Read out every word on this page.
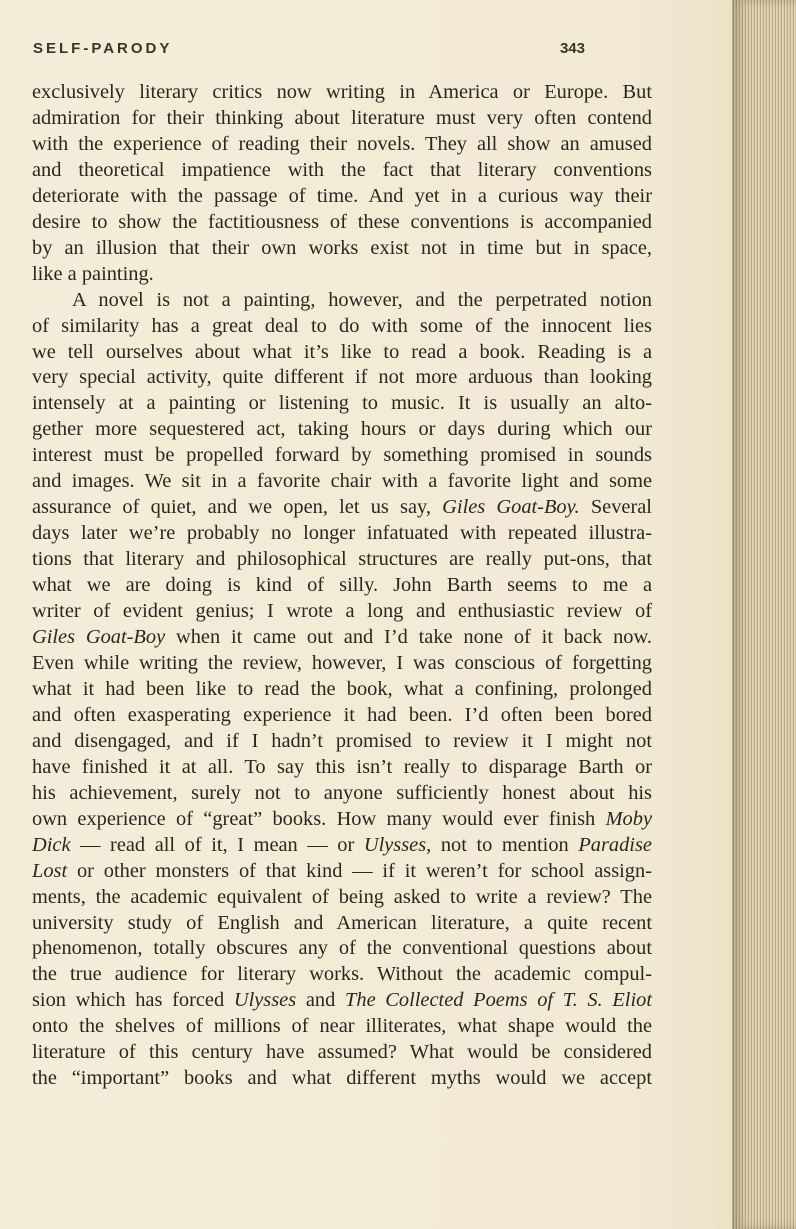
SELF-PARODY	343
exclusively literary critics now writing in America or Europe. But
admiration for their thinking about literature must very often contend
with the experience of reading their novels. They all show an amused
and theoretical impatience with the fact that literary conventions
deteriorate with the passage of time. And yet in a curious way their
desire to show the factitiousness of these conventions is accompanied
by an illusion that their own works exist not in time but in space,
like a painting.
A novel is not a painting, however, and the perpetrated notion
of similarity has a great deal to do with some of the innocent lies
we tell ourselves about what it’s like to read a book. Reading is a
very special activity, quite different if not more arduous than looking
intensely at a painting or listening to music. It is usually an alto-
gether more sequestered act, taking hours or days during which our
interest must be propelled forward by something promised in sounds
and images. We sit in a favorite chair with a favorite light and some
assurance of quiet, and we open, let us say, Giles Goat-Boy. Several
days later we’re probably no longer infatuated with repeated illustra-
tions that literary and philosophical structures are really put-ons, that
what we are doing is kind of silly. John Barth seems to me a
writer of evident genius; I wrote a long and enthusiastic review of
Giles Goat-Boy when it came out and I’d take none of it back now.
Even while writing the review, however, I was conscious of forgetting
what it had been like to read the book, what a confining, prolonged
and often exasperating experience it had been. I’d often been bored
and disengaged, and if I hadn’t promised to review it I might not
have finished it at all. To say this isn’t really to disparage Barth or
his achievement, surely not to anyone sufficiently honest about his
own experience of “great” books. How many would ever finish Moby
Dick — read all of it, I mean — or Ulysses, not to mention Paradise
Lost or other monsters of that kind — if it weren’t for school assign-
ments, the academic equivalent of being asked to write a review? The
university study of English and American literature, a quite recent
phenomenon, totally obscures any of the conventional questions about
the true audience for literary works. Without the academic compul-
sion which has forced Ulysses and The Collected Poems of T. S. Eliot
onto the shelves of millions of near illiterates, what shape would the
literature of this century have assumed? What would be considered
the “important” books and what different myths would we accept
